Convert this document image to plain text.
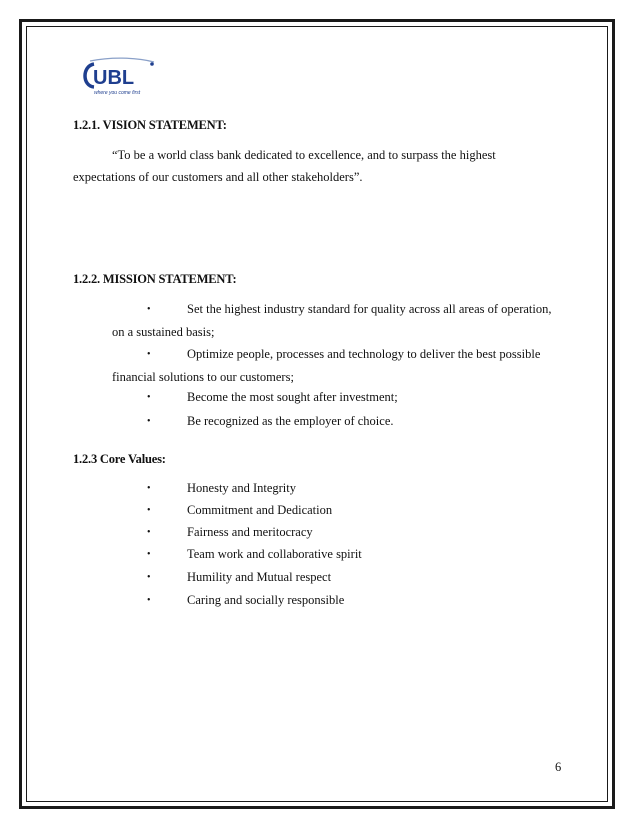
UBL
where you come first
1.2.1. VISION STATEMENT:
“To be a world class bank dedicated to excellence, and to surpass the highest
expectations of our customers and all other stakeholders”.
1.2.2. MISSION STATEMENT:
•	Set the highest industry standard for quality across all areas of operation,
on a sustained basis;
•	Optimize people, processes and technology to deliver the best possible
financial solutions to our customers;
•	Become the most sought after investment;
•	Be recognized as the employer of choice.
1.2.3 Core Values:
•	Honesty and Integrity
•	Commitment and Dedication
•	Fairness and meritocracy
•	Team work and collaborative spirit
•	Humility and Mutual respect
•	Caring and socially responsible
6
